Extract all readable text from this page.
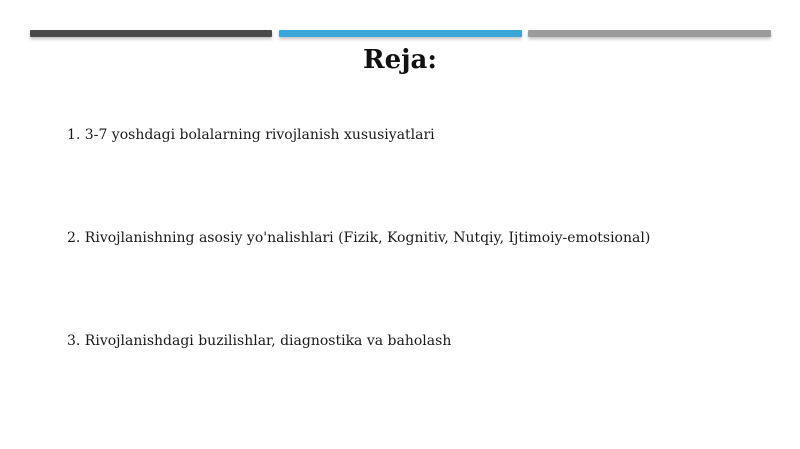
Reja:
1. 3-7 yoshdagi bolalarning rivojlanish xususiyatlari
2. Rivojlanishning asosiy yo'nalishlari (Fizik, Kognitiv, Nutqiy, Ijtimoiy-emotsional)
3. Rivojlanishdagi buzilishlar, diagnostika va baholash
